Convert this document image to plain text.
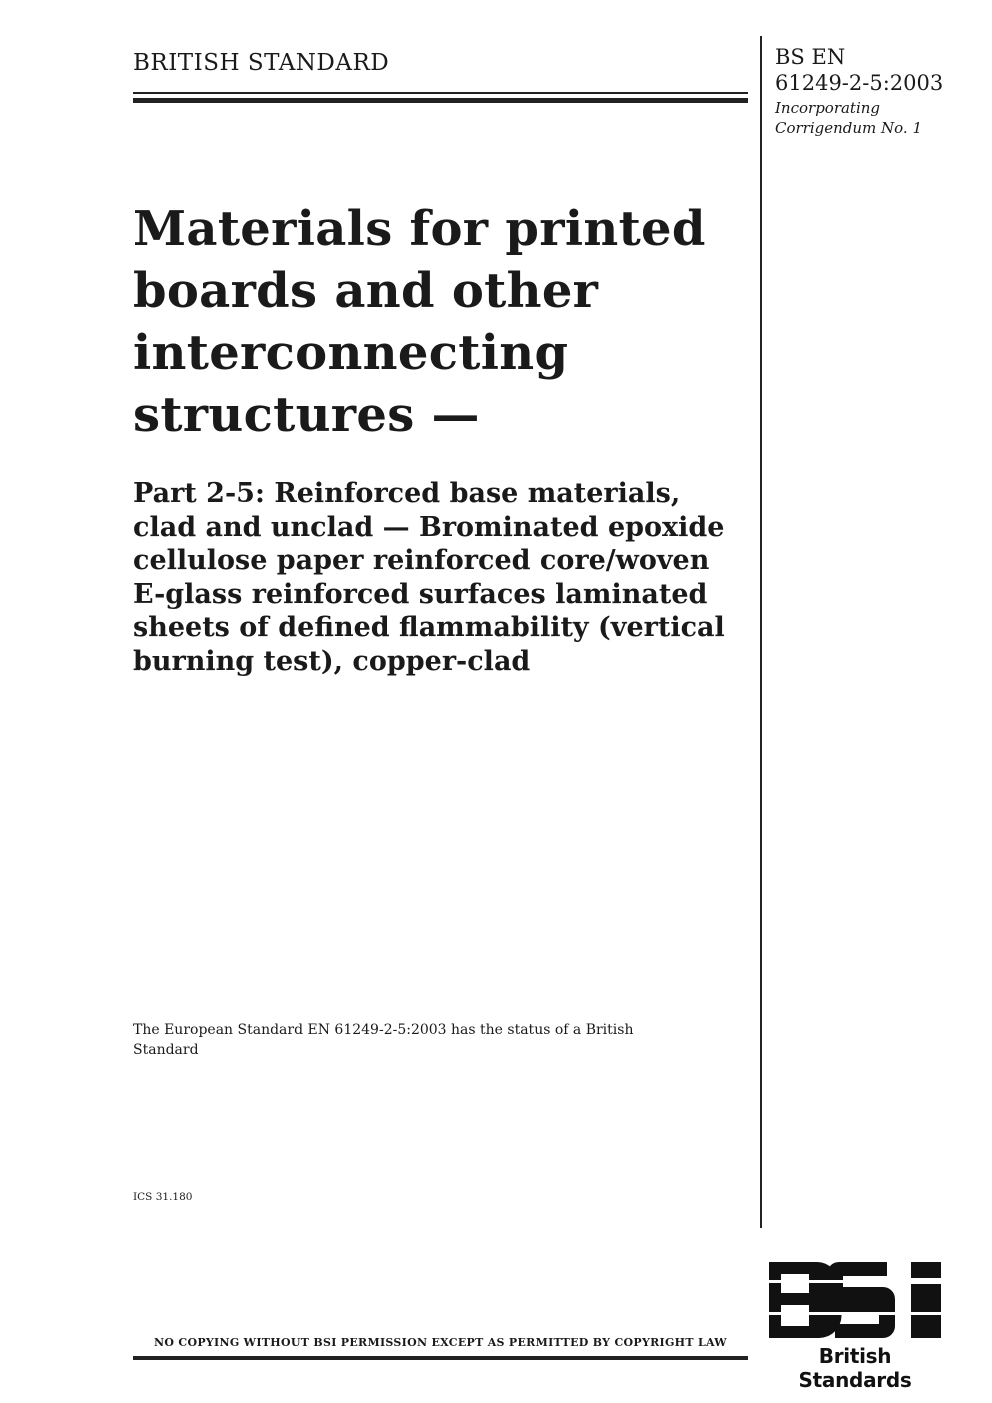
BRITISH STANDARD	BS EN
61249-2-5:2003
Incorporating
Corrigendum No. 1
Materials for printed boards and other interconnecting structures —
Part 2-5: Reinforced base materials, clad and unclad — Brominated epoxide cellulose paper reinforced core/woven E-glass reinforced surfaces laminated sheets of defined flammability (vertical burning test), copper-clad
The European Standard EN 61249-2-5:2003 has the status of a British Standard
ICS 31.180
NO COPYING WITHOUT BSI PERMISSION EXCEPT AS PERMITTED BY COPYRIGHT LAW
British Standards
